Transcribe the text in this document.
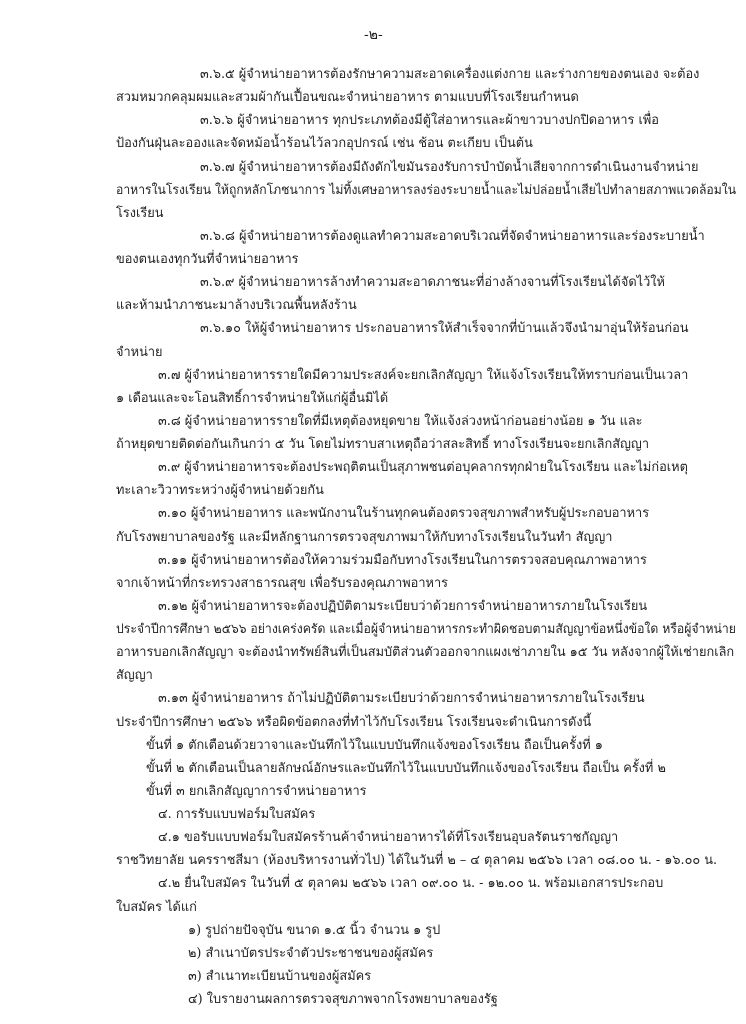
-๒-
๓.๖.๕ ผู้จำหน่ายอาหารต้องรักษาความสะอาดเครื่องแต่งกาย และร่างกายของตนเอง จะต้อง
สวมหมวกคลุมผมและสวมผ้ากันเปื้อนขณะจำหน่ายอาหาร ตามแบบที่โรงเรียนกำหนด
๓.๖.๖ ผู้จำหน่ายอาหาร ทุกประเภทต้องมีตู้ใส่อาหารและผ้าขาวบางปกปิดอาหาร เพื่อ
ป้องกันฝุ่นละอองและจัดหม้อน้ำร้อนไว้ลวกอุปกรณ์ เช่น ช้อน ตะเกียบ เป็นต้น
๓.๖.๗ ผู้จำหน่ายอาหารต้องมีถังดักไขมันรองรับการบำบัดน้ำเสียจากการดำเนินงานจำหน่าย
อาหารในโรงเรียน ให้ถูกหลักโภชนาการ ไม่ทิ้งเศษอาหารลงร่องระบายน้ำและไม่ปล่อยน้ำเสียไปทำลายสภาพแวดล้อมใน
โรงเรียน
๓.๖.๘ ผู้จำหน่ายอาหารต้องดูแลทำความสะอาดบริเวณที่จัดจำหน่ายอาหารและร่องระบายน้ำ
ของตนเองทุกวันที่จำหน่ายอาหาร
๓.๖.๙ ผู้จำหน่ายอาหารล้างทำความสะอาดภาชนะที่อ่างล้างจานที่โรงเรียนได้จัดไว้ให้
และห้ามนำภาชนะมาล้างบริเวณพื้นหลังร้าน
๓.๖.๑๐ ให้ผู้จำหน่ายอาหาร ประกอบอาหารให้สำเร็จจากที่บ้านแล้วจึงนำมาอุ่นให้ร้อนก่อน
จำหน่าย
๓.๗ ผู้จำหน่ายอาหารรายใดมีความประสงค์จะยกเลิกสัญญา ให้แจ้งโรงเรียนให้ทราบก่อนเป็นเวลา
๑ เดือนและจะโอนสิทธิ์การจำหน่ายให้แก่ผู้อื่นมิได้
๓.๘ ผู้จำหน่ายอาหารรายใดที่มีเหตุต้องหยุดขาย ให้แจ้งล่วงหน้าก่อนอย่างน้อย ๑ วัน และ
ถ้าหยุดขายติดต่อกันเกินกว่า ๕ วัน โดยไม่ทราบสาเหตุถือว่าสละสิทธิ์ ทางโรงเรียนจะยกเลิกสัญญา
๓.๙ ผู้จำหน่ายอาหารจะต้องประพฤติตนเป็นสุภาพชนต่อบุคลากรทุกฝ่ายในโรงเรียน และไม่ก่อเหตุ
ทะเลาะวิวาทระหว่างผู้จำหน่ายด้วยกัน
๓.๑๐ ผู้จำหน่ายอาหาร และพนักงานในร้านทุกคนต้องตรวจสุขภาพสำหรับผู้ประกอบอาหาร
กับโรงพยาบาลของรัฐ และมีหลักฐานการตรวจสุขภาพมาให้กับทางโรงเรียนในวันทำ สัญญา
๓.๑๑ ผู้จำหน่ายอาหารต้องให้ความร่วมมือกับทางโรงเรียนในการตรวจสอบคุณภาพอาหาร
จากเจ้าหน้าที่กระทรวงสาธารณสุข เพื่อรับรองคุณภาพอาหาร
๓.๑๒ ผู้จำหน่ายอาหารจะต้องปฏิบัติตามระเบียบว่าด้วยการจำหน่ายอาหารภายในโรงเรียน
ประจำปีการศึกษา ๒๕๖๖ อย่างเคร่งครัด และเมื่อผู้จำหน่ายอาหารกระทำผิดชอบตามสัญญาข้อหนึ่งข้อใด หรือผู้จำหน่าย
อาหารบอกเลิกสัญญา จะต้องนำทรัพย์สินที่เป็นสมบัติส่วนตัวออกจากแผงเช่าภายใน ๑๕ วัน หลังจากผู้ให้เช่ายกเลิก
สัญญา
๓.๑๓ ผู้จำหน่ายอาหาร ถ้าไม่ปฏิบัติตามระเบียบว่าด้วยการจำหน่ายอาหารภายในโรงเรียน
ประจำปีการศึกษา ๒๕๖๖ หรือผิดข้อตกลงที่ทำไว้กับโรงเรียน โรงเรียนจะดำเนินการดังนี้
ขั้นที่ ๑ ตักเตือนด้วยวาจาและบันทึกไว้ในแบบบันทึกแจ้งของโรงเรียน ถือเป็นครั้งที่ ๑
ขั้นที่ ๒ ตักเตือนเป็นลายลักษณ์อักษรและบันทึกไว้ในแบบบันทึกแจ้งของโรงเรียน ถือเป็น ครั้งที่ ๒
ขั้นที่ ๓ ยกเลิกสัญญาการจำหน่ายอาหาร
๔. การรับแบบฟอร์มใบสมัคร
๔.๑ ขอรับแบบฟอร์มใบสมัครร้านค้าจำหน่ายอาหารได้ที่โรงเรียนอุบลรัตนราชกัญญา
ราชวิทยาลัย นครราชสีมา (ห้องบริหารงานทั่วไป) ได้ในวันที่ ๒ – ๔ ตุลาคม ๒๕๖๖ เวลา ๐๘.๐๐ น. - ๑๖.๐๐ น.
๔.๒ ยื่นใบสมัคร ในวันที่ ๕ ตุลาคม ๒๕๖๖ เวลา ๐๙.๐๐ น. - ๑๒.๐๐ น. พร้อมเอกสารประกอบ
ใบสมัคร ได้แก่
๑) รูปถ่ายปัจจุบัน ขนาด ๑.๕ นิ้ว จำนวน ๑ รูป
๒) สำเนาบัตรประจำตัวประชาชนของผู้สมัคร
๓) สำเนาทะเบียนบ้านของผู้สมัคร
๔) ใบรายงานผลการตรวจสุขภาพจากโรงพยาบาลของรัฐ
